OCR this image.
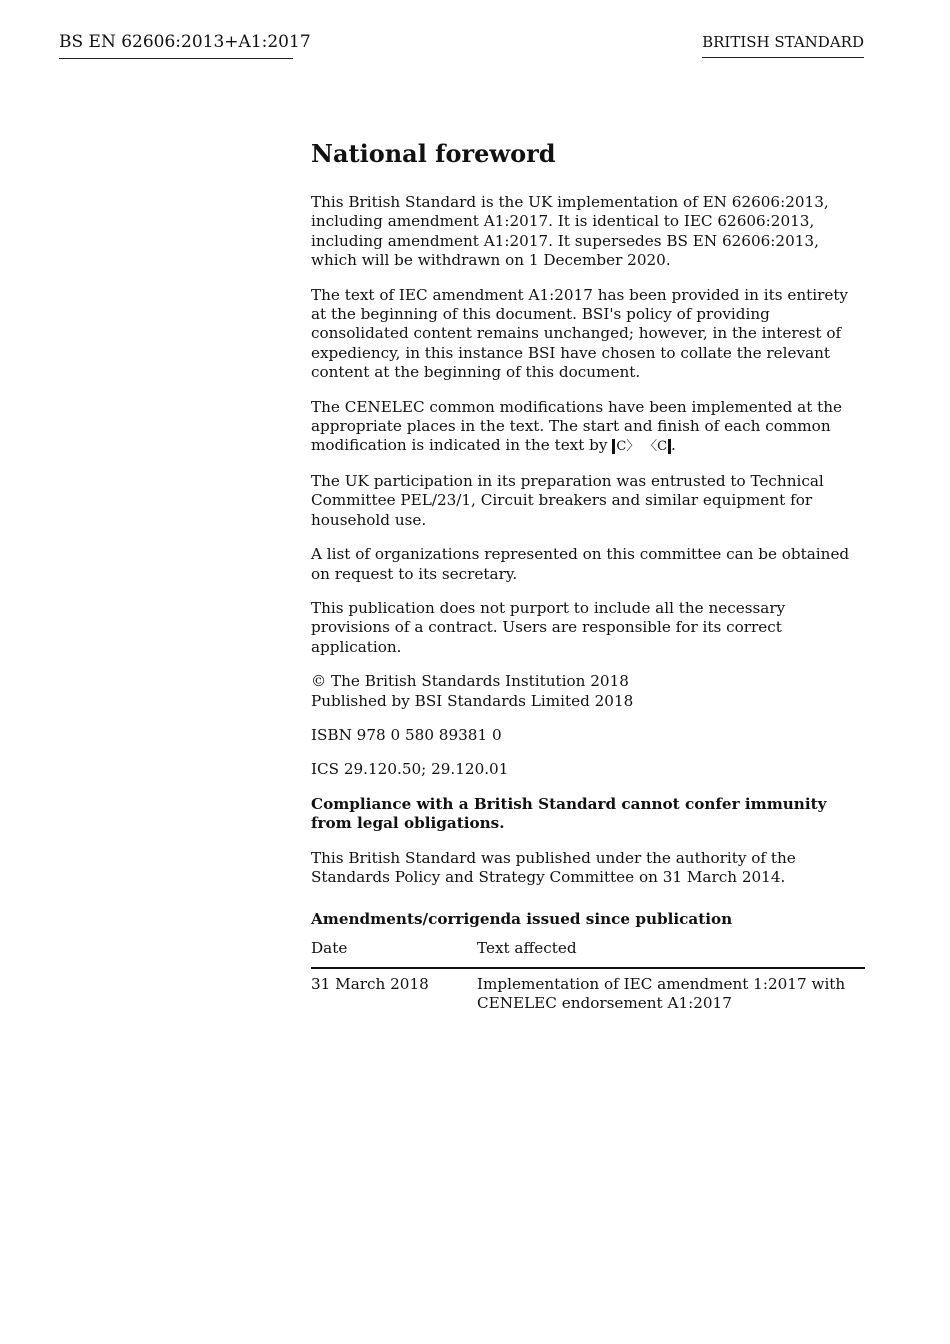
BS EN 62606:2013+A1:2017	BRITISH STANDARD
National foreword

This British Standard is the UK implementation of EN 62606:2013, including amendment A1:2017. It is identical to IEC 62606:2013, including amendment A1:2017. It supersedes BS EN 62606:2013, which will be withdrawn on 1 December 2020.

The text of IEC amendment A1:2017 has been provided in its entirety at the beginning of this document. BSI's policy of providing consolidated content remains unchanged; however, in the interest of expediency, in this instance BSI have chosen to collate the relevant content at the beginning of this document.

The CENELEC common modifications have been implemented at the appropriate places in the text. The start and finish of each common modification is indicated in the text by C〉 〈C .

The UK participation in its preparation was entrusted to Technical Committee PEL/23/1, Circuit breakers and similar equipment for household use.

A list of organizations represented on this committee can be obtained on request to its secretary.

This publication does not purport to include all the necessary provisions of a contract. Users are responsible for its correct application.

© The British Standards Institution 2018
Published by BSI Standards Limited 2018

ISBN 978 0 580 89381 0

ICS 29.120.50; 29.120.01

Compliance with a British Standard cannot confer immunity from legal obligations.

This British Standard was published under the authority of the Standards Policy and Strategy Committee on 31 March 2014.

Amendments/corrigenda issued since publication
Date	Text affected
31 March 2018	Implementation of IEC amendment 1:2017 with CENELEC endorsement A1:2017
